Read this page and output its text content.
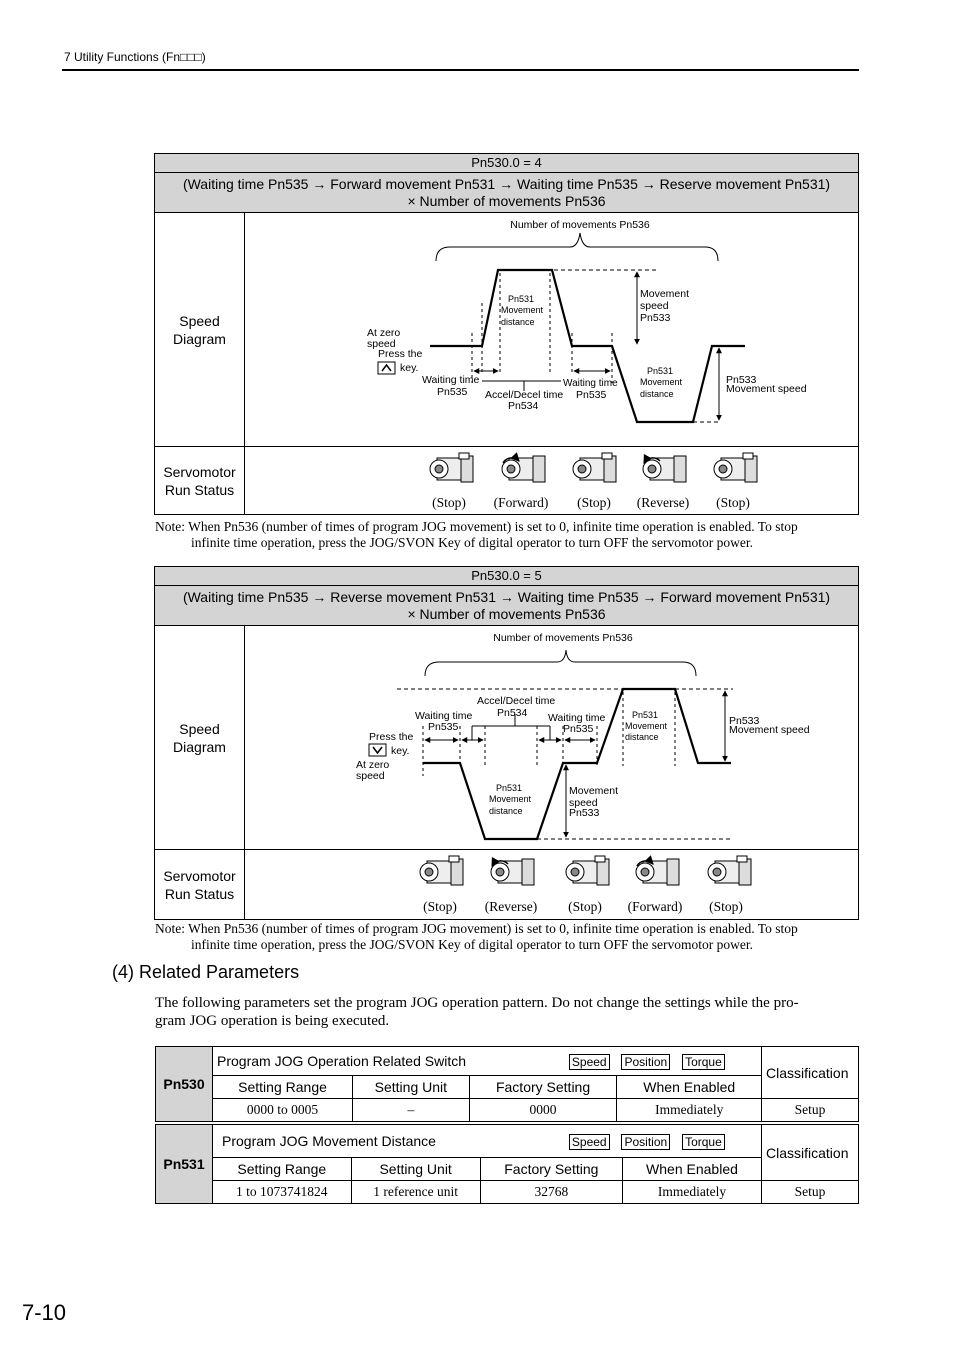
7 Utility Functions (Fn□□□)
Pn530.0 = 4
(Waiting time Pn535 → Forward movement Pn531 → Waiting time Pn535 → Reserve movement Pn531)
× Number of movements Pn536
Speed
Diagram
Number of movements Pn536
At zero
speed
Press the
key.
Waiting time
Pn535 Accel/Decel time
Pn534
Waiting time
Pn535
Pn531
Movement
distance
Pn531
Movement
distance
Movement
speed
Pn533
Pn533
Movement speed
Servomotor
Run Status
(Stop) (Forward) (Stop) (Reverse) (Stop)
Note: When Pn536 (number of times of program JOG movement) is set to 0, infinite time operation is enabled. To stop
infinite time operation, press the JOG/SVON Key of digital operator to turn OFF the servomotor power.
Pn530.0 = 5
(Waiting time Pn535 → Reverse movement Pn531 → Waiting time Pn535 → Forward movement Pn531)
× Number of movements Pn536
Speed
Diagram
Number of movements Pn536
Accel/Decel time
Pn534
Waiting time
Pn535
Waiting time
Pn535
Press the
key.
At zero
speed
Pn531
Movement
distance
Pn531
Movement
distance
Movement
speed
Pn533
Pn533
Movement speed
Servomotor
Run Status
(Stop) (Reverse) (Stop) (Forward) (Stop)
Note: When Pn536 (number of times of program JOG movement) is set to 0, infinite time operation is enabled. To stop
infinite time operation, press the JOG/SVON Key of digital operator to turn OFF the servomotor power.
(4) Related Parameters
The following parameters set the program JOG operation pattern. Do not change the settings while the pro-
gram JOG operation is being executed.
Pn530	Program JOG Operation Related Switch Speed Position Torque				Classification
	Setting Range	Setting Unit	Factory Setting	When Enabled	
	0000 to 0005	–	0000	Immediately	Setup
Pn531	Program JOG Movement Distance Speed Position Torque				Classification
	Setting Range	Setting Unit	Factory Setting	When Enabled	
	1 to 1073741824	1 reference unit	32768	Immediately	Setup
7-10
